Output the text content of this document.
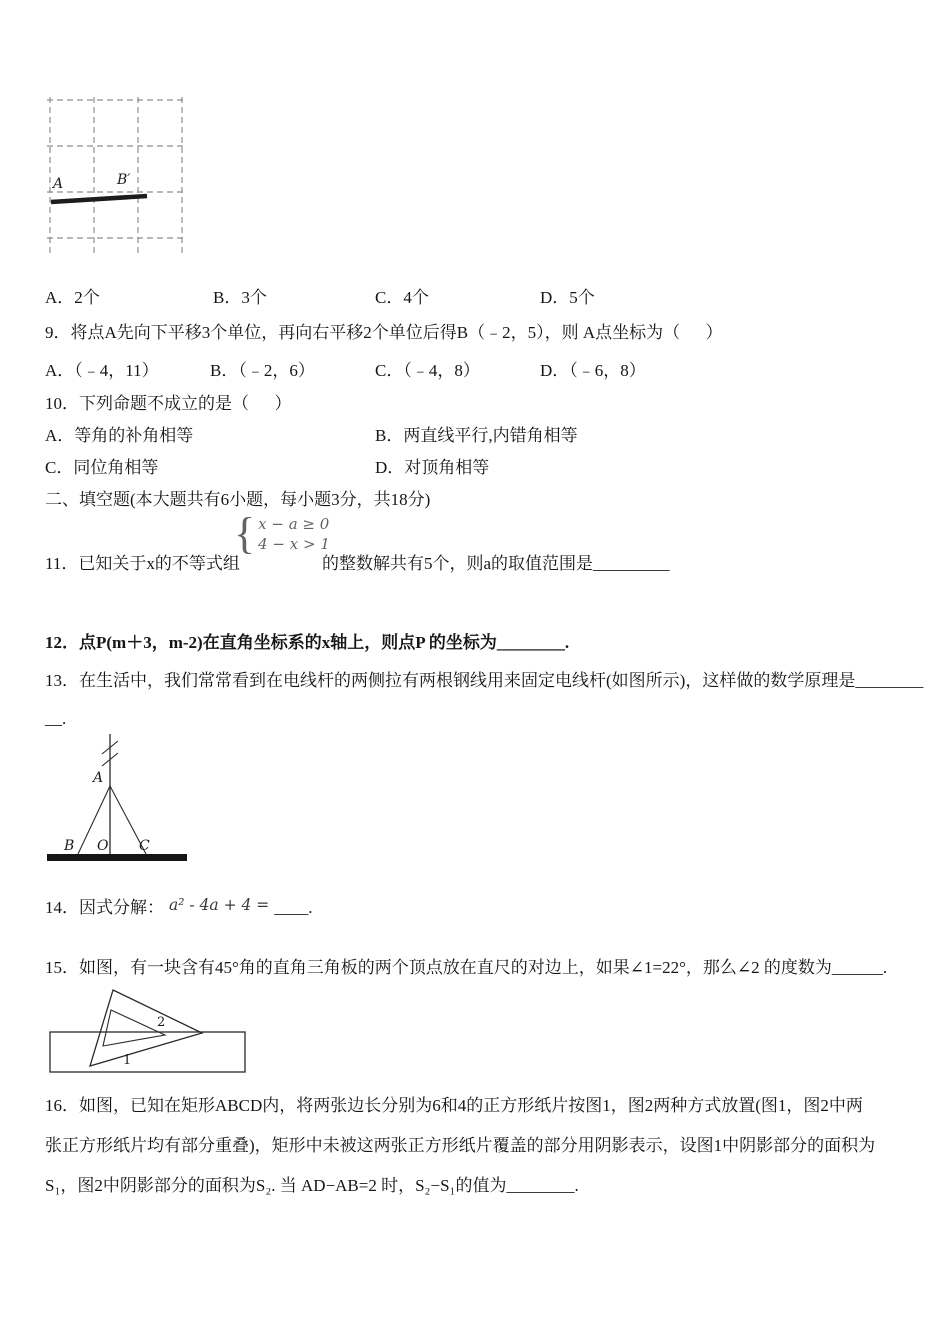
A	B′
A．2个	B．3个	C．4个	D．5个
9．将点A先向下平移3个单位，再向右平移2个单位后得B（﹣2，5），则 A点坐标为（      ）
A．（﹣4，11）	B．（﹣2，6）	C．（﹣4，8）	D．（﹣6，8）
10．下列命题不成立的是（      ）
A．等角的补角相等	B．两直线平行,内错角相等
C．同位角相等	D．对顶角相等
二、填空题(本大题共有6小题，每小题3分，共18分)
{ x − a ≥ 0
4 − x > 1
11．已知关于x的不等式组	的整数解共有5个，则a的取值范围是_________
12．点P(m＋3，m-2)在直角坐标系的x轴上，则点P 的坐标为________.
13．在生活中，我们常常看到在电线杆的两侧拉有两根钢线用来固定电线杆(如图所示)，这样做的数学原理是________
__.
A
B O C
14．因式分解： a² - 4a + 4 = ____.
15．如图，有一块含有45°角的直角三角板的两个顶点放在直尺的对边上，如果∠1=22°，那么∠2 的度数为______.
2
1
16．如图，已知在矩形ABCD内，将两张边长分别为6和4的正方形纸片按图1，图2两种方式放置(图1，图2中两
张正方形纸片均有部分重叠)，矩形中未被这两张正方形纸片覆盖的部分用阴影表示，设图1中阴影部分的面积为
S₁，图2中阴影部分的面积为S₂. 当 AD−AB=2 时，S₂−S₁的值为________.
